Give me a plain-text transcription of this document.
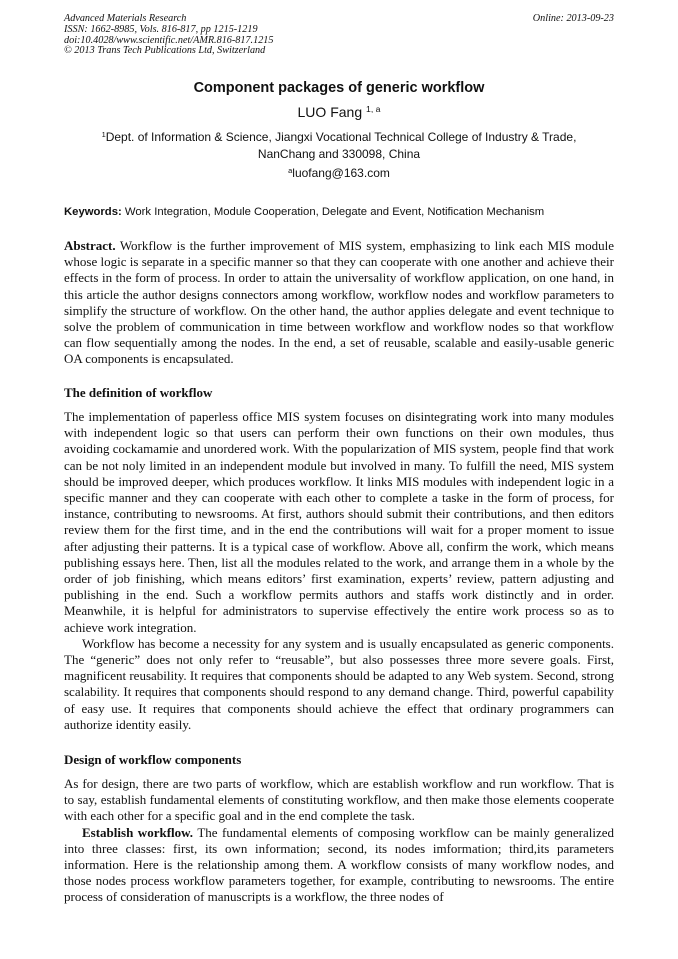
Advanced Materials Research
ISSN: 1662-8985, Vols. 816-817, pp 1215-1219
doi:10.4028/www.scientific.net/AMR.816-817.1215
© 2013 Trans Tech Publications Ltd, Switzerland
Online: 2013-09-23
Component packages of generic workflow
LUO Fang $^{1, a}$
$^1$Dept. of Information & Science, Jiangxi Vocational Technical College of Industry & Trade,
NanChang and 330098, China
$^a$luofang@163.com
Keywords: Work Integration, Module Cooperation, Delegate and Event, Notification Mechanism

Abstract. Workflow is the further improvement of MIS system, emphasizing to link each MIS module whose logic is separate in a specific manner so that they can cooperate with one another and achieve their effects in the form of process. In order to attain the universality of workflow application, on one hand, in this article the author designs connectors among workflow, workflow nodes and workflow parameters to simplify the structure of workflow. On the other hand, the author applies delegate and event technique to solve the problem of communication in time between workflow and workflow nodes so that workflow can flow sequentially among the nodes. In the end, a set of reusable, scalable and easily-usable generic OA components is encapsulated.

The definition of workflow

The implementation of paperless office MIS system focuses on disintegrating work into many modules with independent logic so that users can perform their own functions on their own modules, thus avoiding cockamamie and unordered work. With the popularization of MIS system, people find that work can be not noly limited in an independent module but involved in many. To fulfill the need, MIS system should be improved deeper, which produces workflow. It links MIS modules with independent logic in a specific manner and they can cooperate with each other to complete a taske in the form of process, for instance, contributing to newsrooms. At first, authors should submit their contributions, and then editors review them for the first time, and in the end the contributions will wait for a proper moment to issue after adjusting their patterns. It is a typical case of workflow. Above all, confirm the work, which means publishing essays here. Then, list all the modules related to the work, and arrange them in a whole by the order of job finishing, which means editors’ first examination, experts’ review, pattern adjusting and publishing in the end. Such a workflow permits authors and staffs work distinctly and in order. Meanwhile, it is helpful for administrators to supervise effectively the entire work process so as to achieve work integration.

Workflow has become a necessity for any system and is usually encapsulated as generic components. The “generic” does not only refer to “reusable”, but also possesses three more severe goals. First, magnificent reusability. It requires that components should be adapted to any Web system. Second, strong scalability. It requires that components should respond to any demand change. Third, powerful capability of easy use. It requires that components should achieve the effect that ordinary programmers can authorize identity easily.

Design of workflow components

As for design, there are two parts of workflow, which are establish workflow and run workflow. That is to say, establish fundamental elements of constituting workflow, and then make those elements cooperate with each other for a specific goal and in the end complete the task.

Establish workflow. The fundamental elements of composing workflow can be mainly generalized into three classes: first, its own information; second, its nodes imformation; third,its parameters information. Here is the relationship among them. A workflow consists of many workflow nodes, and those nodes process workflow parameters together, for example, contributing to newsrooms. The entire process of consideration of manuscripts is a workflow, the three nodes of
